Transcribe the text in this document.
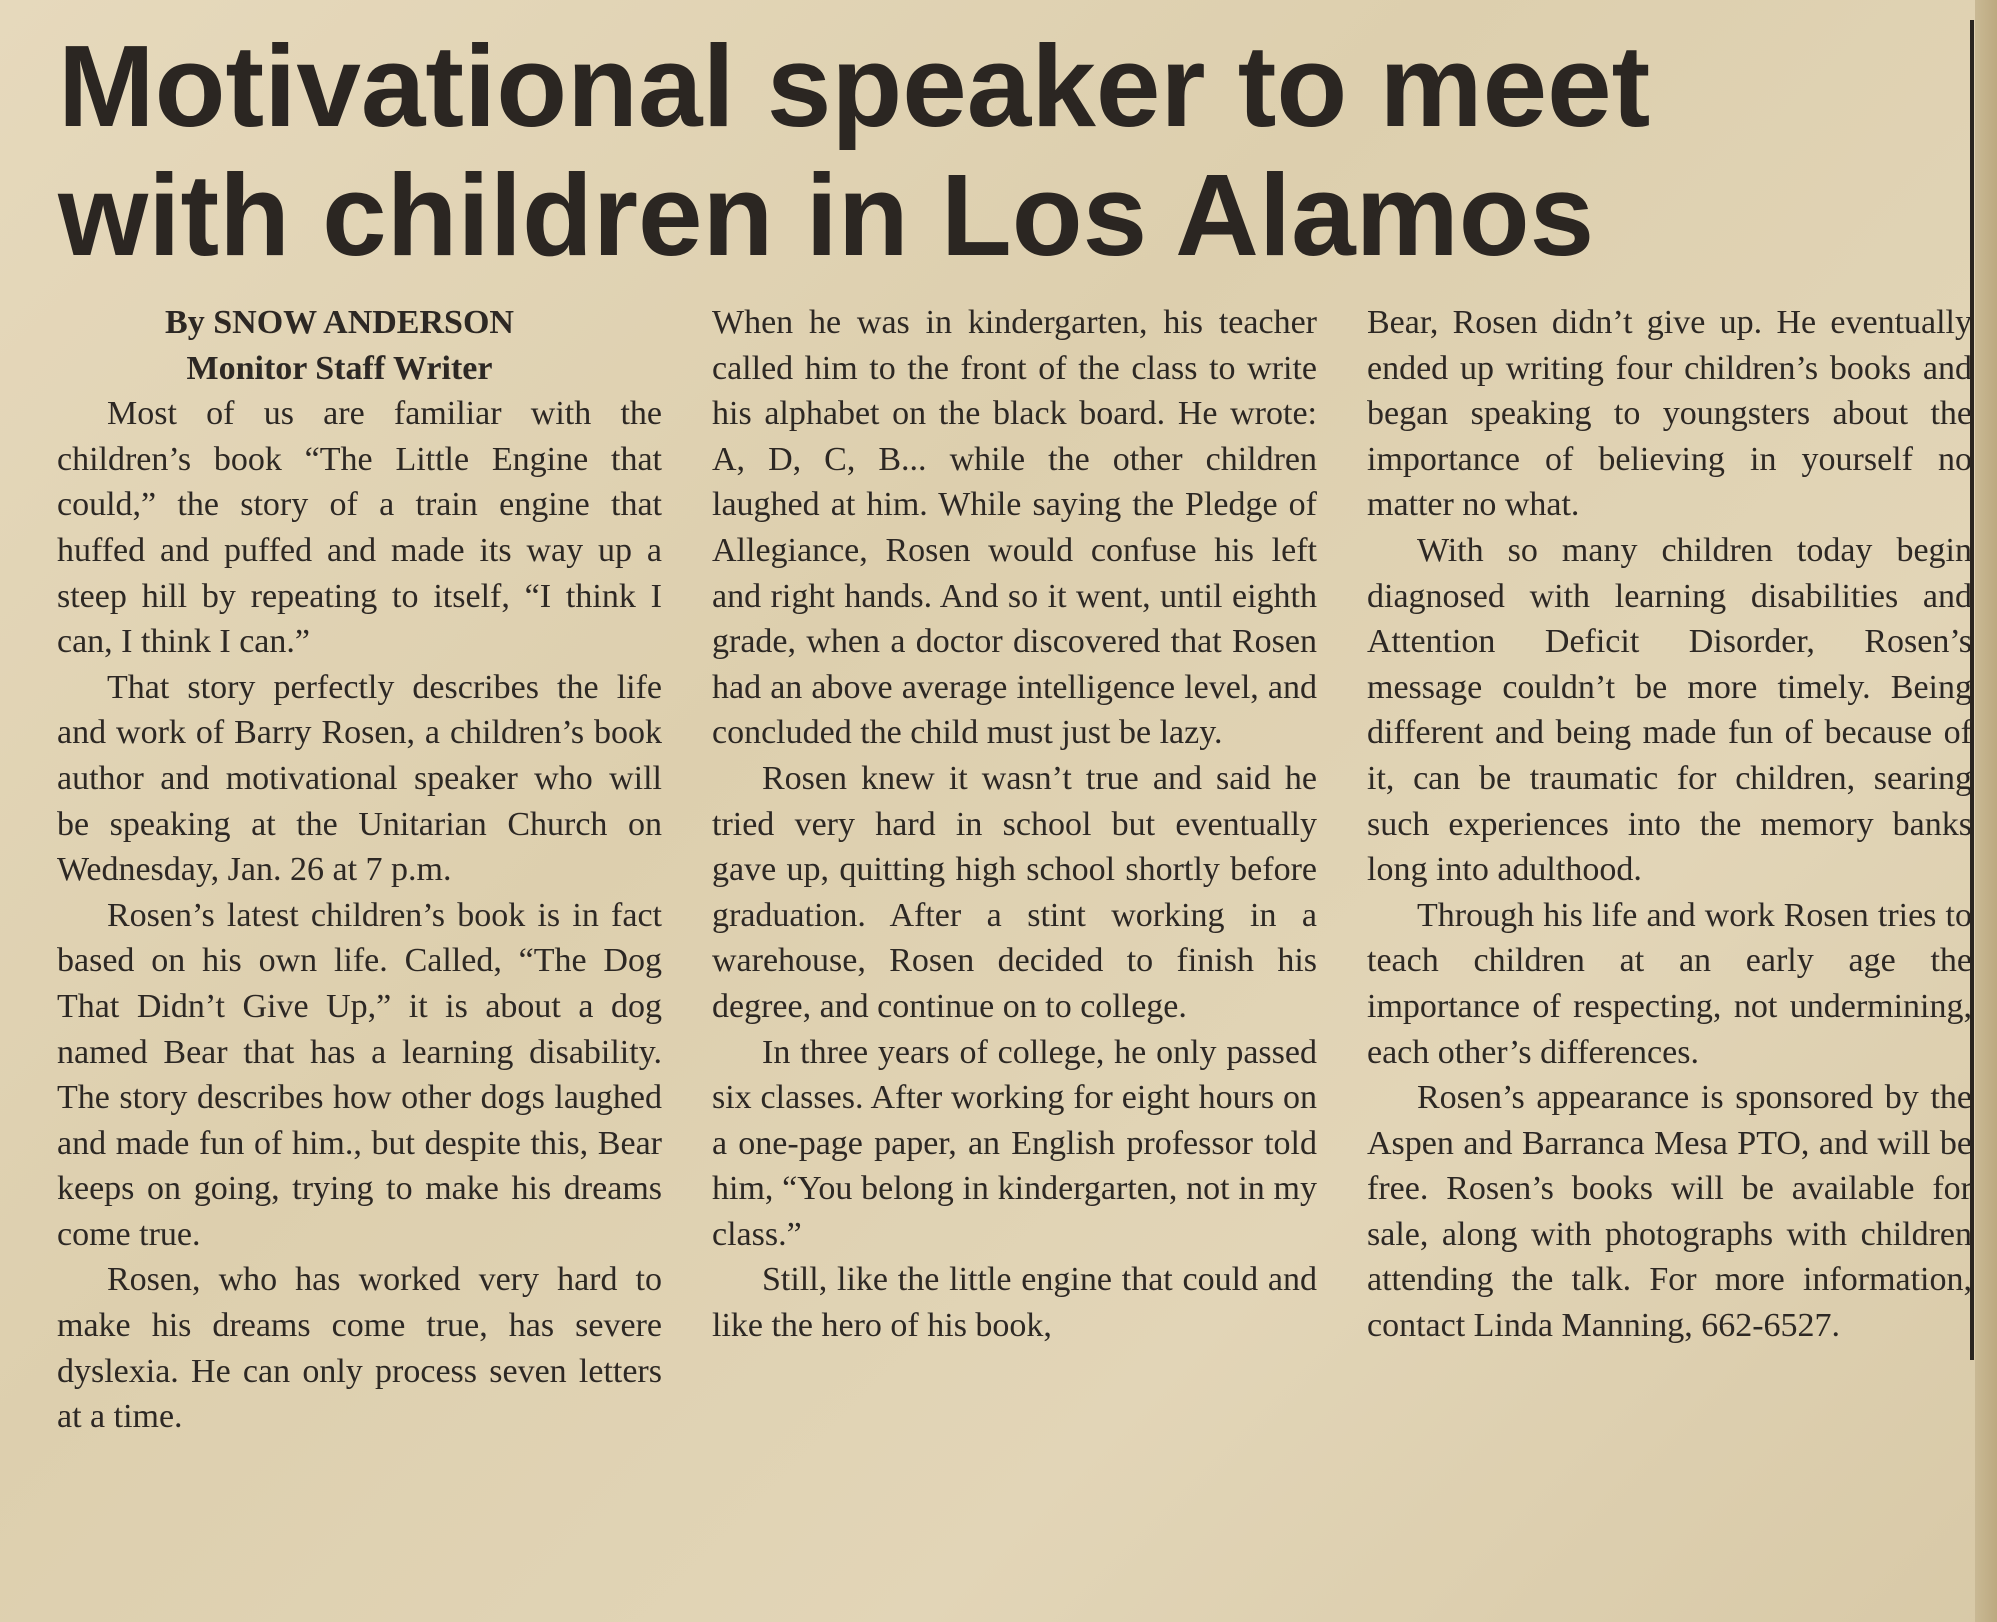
Motivational speaker to meet
with children in Los Alamos
By SNOW ANDERSON
Monitor Staff Writer

Most of us are familiar with the children’s book “The Little Engine that could,” the story of a train engine that huffed and puffed and made its way up a steep hill by repeating to itself, “I think I can, I think I can.”

That story perfectly describes the life and work of Barry Rosen, a children’s book author and motivational speaker who will be speaking at the Unitarian Church on Wednesday, Jan. 26 at 7 p.m.

Rosen’s latest children’s book is in fact based on his own life. Called, “The Dog That Didn’t Give Up,” it is about a dog named Bear that has a learning disability. The story describes how other dogs laughed and made fun of him., but despite this, Bear keeps on going, trying to make his dreams come true.

Rosen, who has worked very hard to make his dreams come true, has severe dyslexia. He can only process seven letters at a time.

When he was in kindergarten, his teacher called him to the front of the class to write his alphabet on the black board. He wrote: A, D, C, B... while the other children laughed at him. While saying the Pledge of Allegiance, Rosen would confuse his left and right hands. And so it went, until eighth grade, when a doctor discovered that Rosen had an above average intelligence level, and concluded the child must just be lazy.

Rosen knew it wasn’t true and said he tried very hard in school but eventually gave up, quitting high school shortly before graduation. After a stint working in a warehouse, Rosen decided to finish his degree, and continue on to college.

In three years of college, he only passed six classes. After working for eight hours on a one-page paper, an English professor told him, “You belong in kindergarten, not in my class.”

Still, like the little engine that could and like the hero of his book,

Bear, Rosen didn’t give up. He eventually ended up writing four children’s books and began speaking to youngsters about the importance of believing in yourself no matter no what.

With so many children today begin diagnosed with learning disabilities and Attention Deficit Disorder, Rosen’s message couldn’t be more timely. Being different and being made fun of because of it, can be traumatic for children, searing such experiences into the memory banks long into adulthood.

Through his life and work Rosen tries to teach children at an early age the importance of respecting, not undermining, each other’s differences.

Rosen’s appearance is sponsored by the Aspen and Barranca Mesa PTO, and will be free. Rosen’s books will be available for sale, along with photographs with children attending the talk. For more information, contact Linda Manning, 662-6527.
